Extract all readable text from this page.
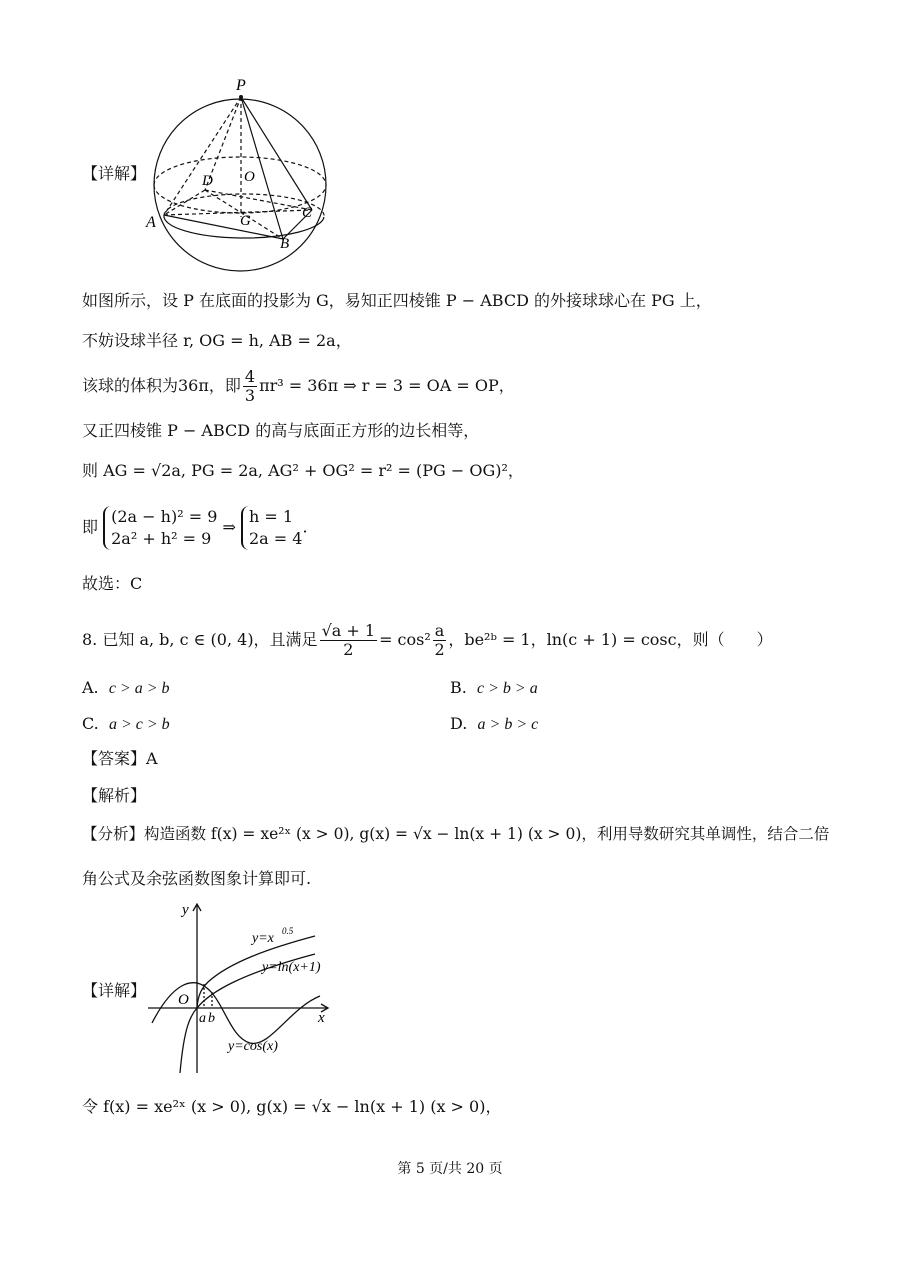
【详解】
P
O
D
A	G	C
B
如图所示，设 P 在底面的投影为 G，易知正四棱锥 P − ABCD 的外接球球心在 PG 上，
不妨设球半径 r, OG = h, AB = 2a，
该球的体积为36π，即 $\frac{4}{3} \pi r^3 = 36\pi$ ⇒ r = 3 = OA = OP，
又正四棱锥 P − ABCD 的高与底面正方形的边长相等，
则 AG = √2a, PG = 2a, AG² + OG² = r² = (PG − OG)²，
即
(2a − h)² = 9
2a² + h² = 9
⇒
h = 1
2a = 4
.
故选：C
8. 已知 a, b, c ∈ (0, 4)，且满足 $\frac{√a + 1}{2} = \cos^2 \frac{a}{2}$ ，be²ᵇ = 1，ln(c + 1) = cosc，则（　　）
A. c > a > b	B. c > b > a
C. a > c > b	D. a > b > c
【答案】A
【解析】
【分析】构造函数 f(x) = xe²ˣ (x > 0), g(x) = √x − ln(x + 1) (x > 0)，利用导数研究其单调性，结合二倍
角公式及余弦函数图象计算即可.
【详解】
y
x
O
a b
y=x 0.5
y=ln(x+1)
y=cos(x)
令 f(x) = xe²ˣ (x > 0), g(x) = √x − ln(x + 1) (x > 0)，
第 5 页/共 20 页
